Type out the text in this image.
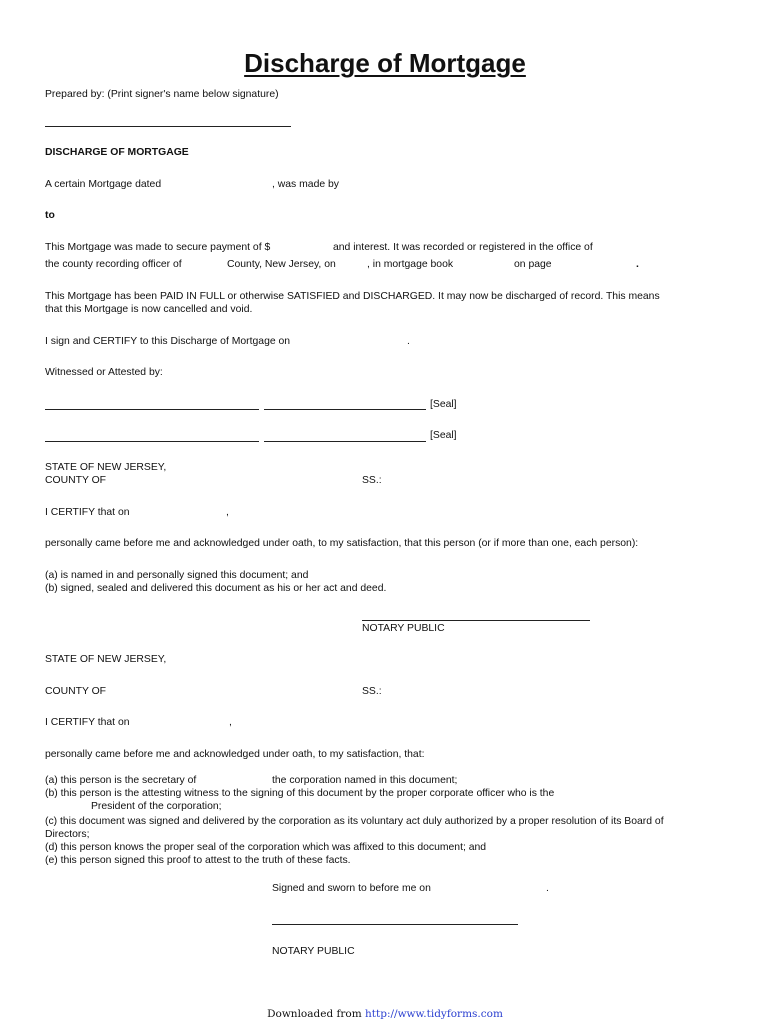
Discharge of Mortgage
Prepared by: (Print signer's name below signature)
DISCHARGE OF MORTGAGE
A certain Mortgage dated	, was made by
to
This Mortgage was made to secure payment of $	and interest. It was recorded or registered in the office of
the county recording officer of	County, New Jersey, on	, in mortgage book	on page	.
This Mortgage has been PAID IN FULL or otherwise SATISFIED and DISCHARGED. It may now be discharged of record. This means
that this Mortgage is now cancelled and void.
I sign and CERTIFY to this Discharge of Mortgage on	.
Witnessed or Attested by:
[Seal]
[Seal]
STATE OF NEW JERSEY,
COUNTY OF	SS.:
I CERTIFY that on	,
personally came before me and acknowledged under oath, to my satisfaction, that this person (or if more than one, each person):
(a) is named in and personally signed this document; and
(b) signed, sealed and delivered this document as his or her act and deed.
NOTARY PUBLIC
STATE OF NEW JERSEY,
COUNTY OF	SS.:
I CERTIFY that on	,
personally came before me and acknowledged under oath, to my satisfaction, that:
(a) this person is the secretary of	the corporation named in this document;
(b) this person is the attesting witness to the signing of this document by the proper corporate officer who is the
President of the corporation;
(c) this document was signed and delivered by the corporation as its voluntary act duly authorized by a proper resolution of its Board of
Directors;
(d) this person knows the proper seal of the corporation which was affixed to this document; and
(e) this person signed this proof to attest to the truth of these facts.
Signed and sworn to before me on	.
NOTARY PUBLIC
Downloaded from http://www.tidyforms.com
